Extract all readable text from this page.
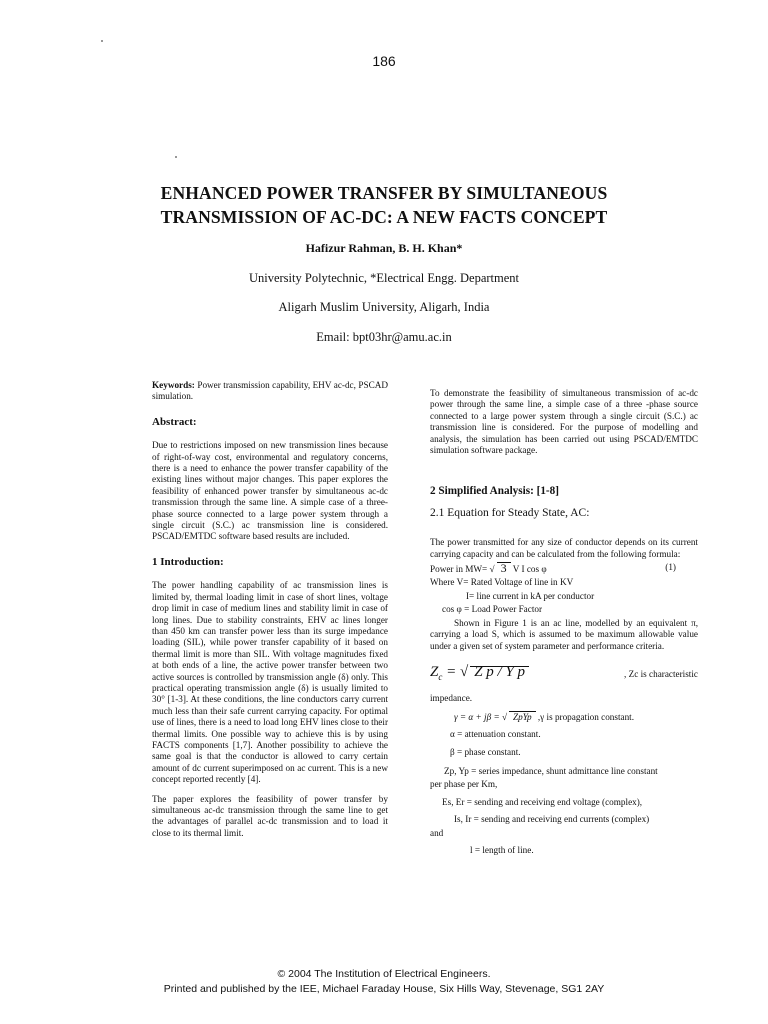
186
ENHANCED POWER TRANSFER BY SIMULTANEOUS
TRANSMISSION OF AC-DC: A NEW FACTS CONCEPT
Hafizur Rahman, B. H. Khan*
University Polytechnic, *Electrical Engg. Department
Aligarh Muslim University, Aligarh, India
Email: bpt03hr@amu.ac.in

Keywords: Power transmission capability, EHV ac-dc, PSCAD simulation.

Abstract:

Due to restrictions imposed on new transmission lines because of right-of-way cost, environmental and regulatory concerns, there is a need to enhance the power transfer capability of the existing lines without major changes. This paper explores the feasibility of enhanced power transfer by simultaneous ac-dc transmission through the same line. A simple case of a three-phase source connected to a large power system through a single circuit (S.C.) ac transmission line is considered. PSCAD/EMTDC software based results are included.

1 Introduction:

The power handling capability of ac transmission lines is limited by, thermal loading limit in case of short lines, voltage drop limit in case of medium lines and stability limit in case of long lines. Due to stability constraints, EHV ac lines longer than 450 km can transfer power less than its surge impedance loading (SIL), while power transfer capability of it based on thermal limit is more than SIL. With voltage magnitudes fixed at both ends of a line, the active power transfer between two active sources is controlled by transmission angle (δ) only. This practical operating transmission angle (δ) is usually limited to 30° [1-3]. At these conditions, the line conductors carry current much less than their safe current carrying capacity. For optimal use of lines, there is a need to load long EHV lines close to their thermal limits. One possible way to achieve this is by using FACTS components [1,7]. Another possibility to achieve the same goal is that the conductor is allowed to carry certain amount of dc current superimposed on ac current. This is a new concept reported recently [4].

The paper explores the feasibility of power transfer by simultaneous ac-dc transmission through the same line to get the advantages of parallel ac-dc transmission and to load it close to its thermal limit.

To demonstrate the feasibility of simultaneous transmission of ac-dc power through the same line, a simple case of a three -phase source connected to a large power system through a single circuit (S.C.) ac transmission line is considered. For the purpose of modelling and analysis, the simulation has been carried out using PSCAD/EMTDC simulation software package.

2 Simplified Analysis: [1-8]
2.1 Equation for Steady State, AC:

The power transmitted for any size of conductor depends on its current carrying capacity and can be calculated from the following formula:

Power in MW= √ 3 V I cos φ	(1)
Where V= Rated Voltage of line in KV
I= line current in kA per conductor
cos φ = Load Power Factor

Shown in Figure 1 is an ac line, modelled by an equivalent π, carrying a load S, which is assumed to be maximum allowable value under a given set of system parameter and performance criteria.

$Z_c$ = √ Z p / Y p	, Zc is characteristic
impedance.
γ = α + jβ = √ ZpYp ,γ is propagation constant.
α = attenuation constant.
β = phase constant.
Zp, Yp = series impedance, shunt admittance line constant
per phase per Km,
Es, Er = sending and receiving end voltage (complex),
Is, Ir = sending and receiving end currents (complex)
and
l = length of line.
© 2004 The Institution of Electrical Engineers.
Printed and published by the IEE, Michael Faraday House, Six Hills Way, Stevenage, SG1 2AY
